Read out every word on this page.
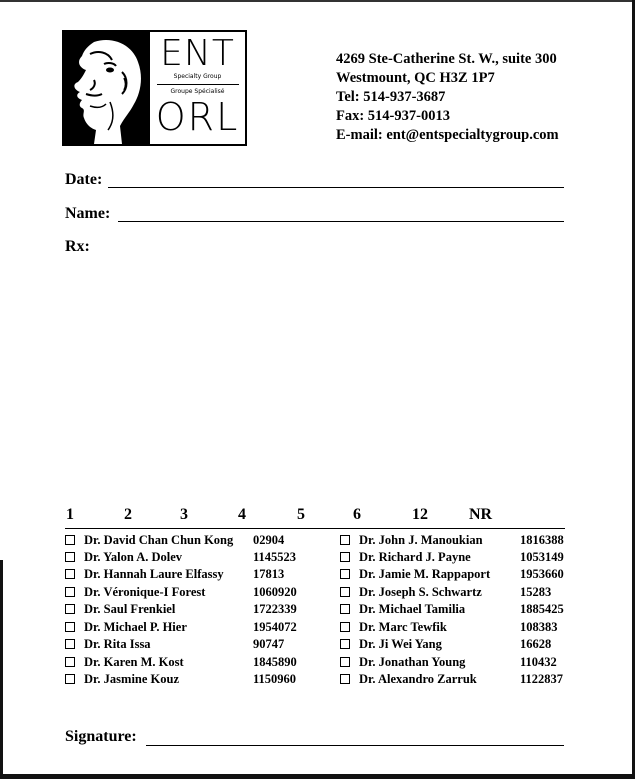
ENT
Specialty Group
Groupe Spécialisé
ORL
4269 Ste-Catherine St. W., suite 300
Westmount, QC H3Z 1P7
Tel: 514-937-3687
Fax: 514-937-0013
E-mail: ent@entspecialtygroup.com
Date:
Name:
Rx:
1	2	3	4	5	6	12	NR
Dr. David Chan Chun Kong 02904
Dr. Yalon A. Dolev	1145523
Dr. Hannah Laure Elfassy 17813
Dr. Véronique-I Forest	1060920
Dr. Saul Frenkiel	1722339
Dr. Michael P. Hier	1954072
Dr. Rita Issa	90747
Dr. Karen M. Kost	1845890
Dr. Jasmine Kouz	1150960
Dr. John J. Manoukian	1816388
Dr. Richard J. Payne	1053149
Dr. Jamie M. Rappaport 1953660
Dr. Joseph S. Schwartz	15283
Dr. Michael Tamilia	1885425
Dr. Marc Tewfik	108383
Dr. Ji Wei Yang	16628
Dr. Jonathan Young	110432
Dr. Alexandro Zarruk	1122837
Signature:
